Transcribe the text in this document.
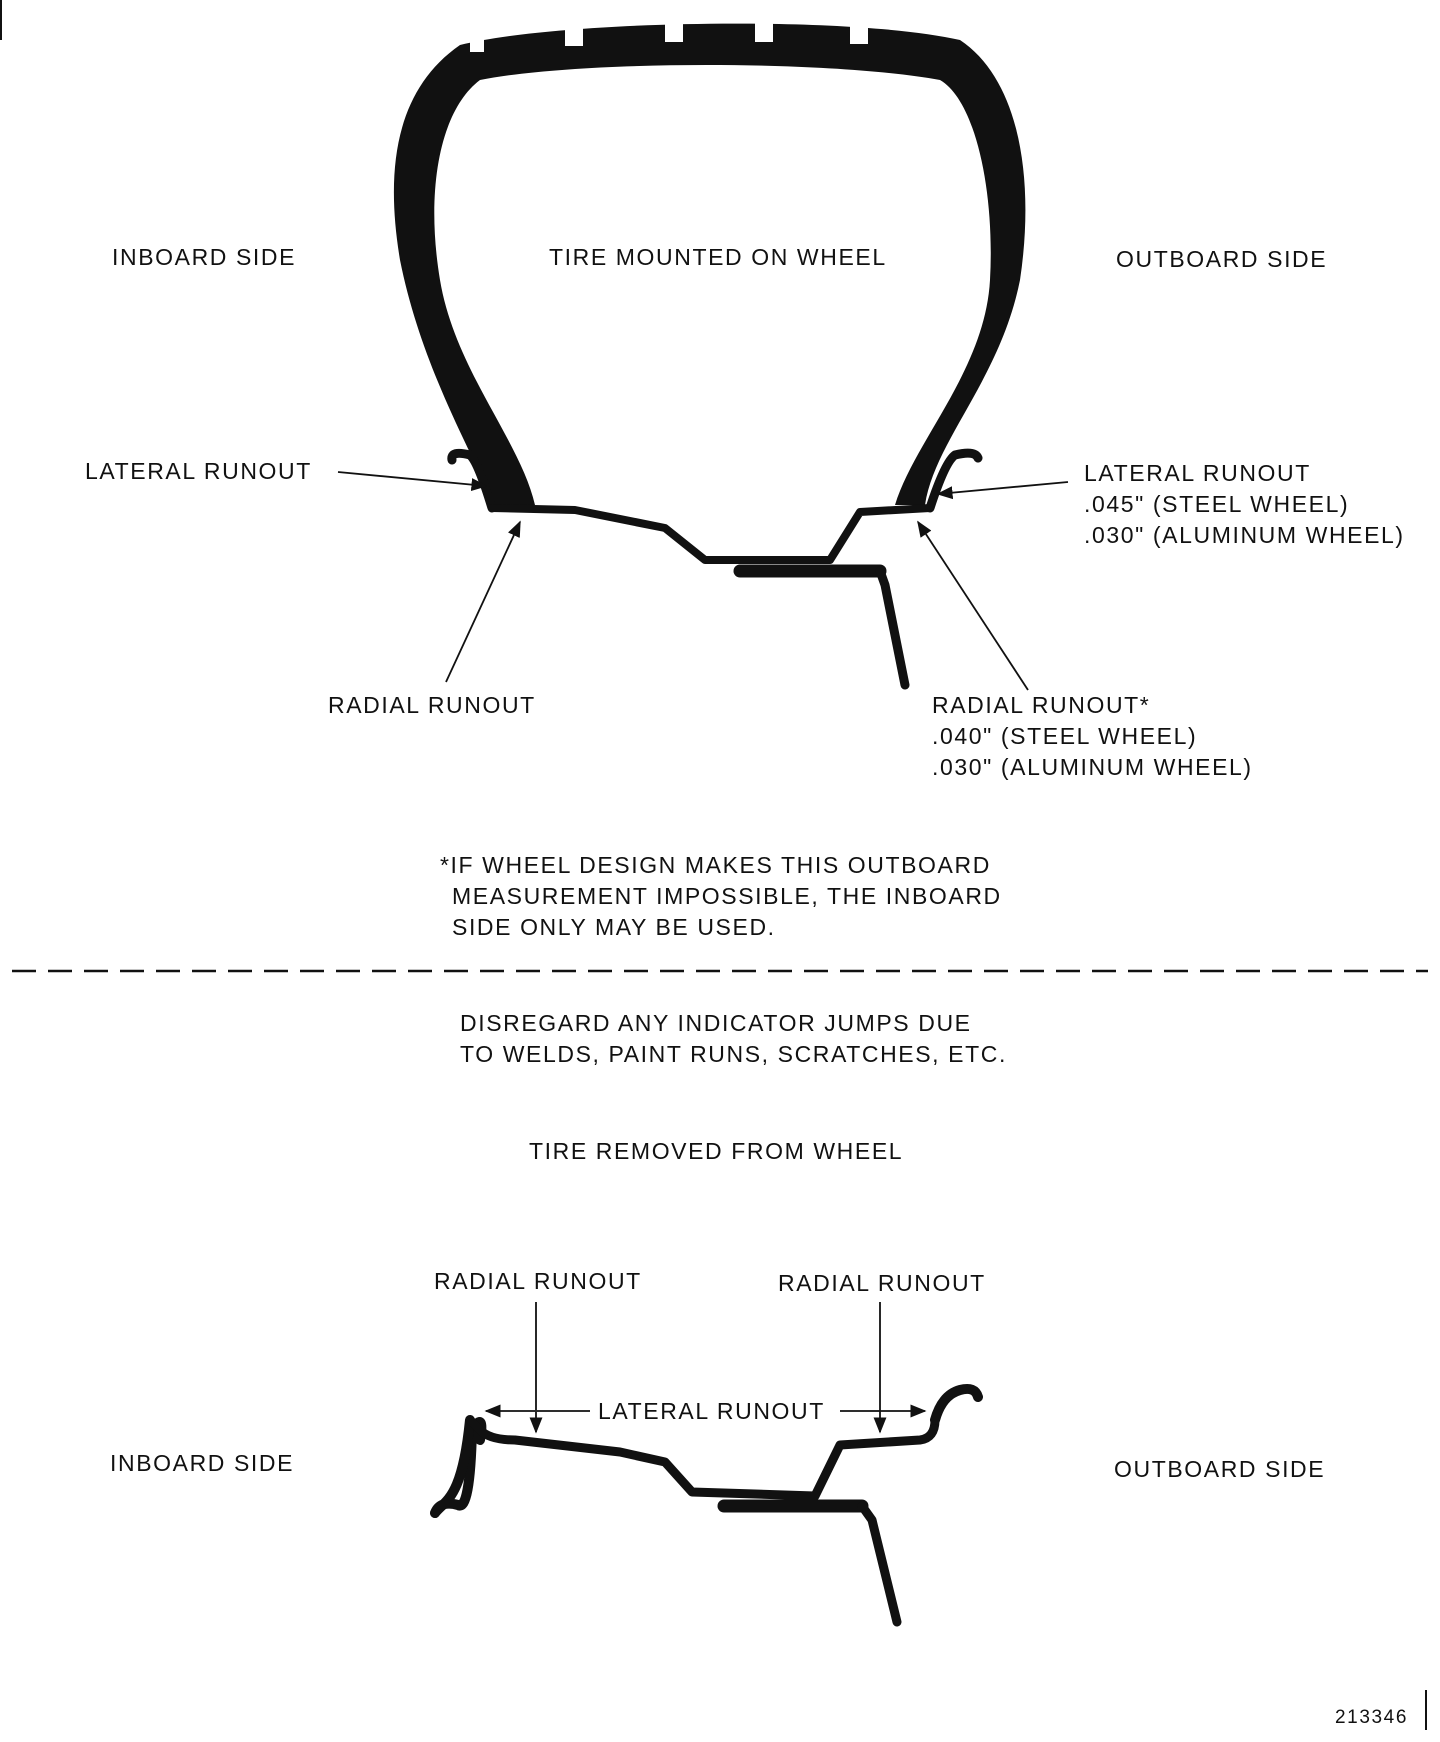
INBOARD SIDE	TIRE MOUNTED ON WHEEL	OUTBOARD SIDE
LATERAL RUNOUT	LATERAL RUNOUT
.045" (STEEL WHEEL)
.030" (ALUMINUM WHEEL)
RADIAL RUNOUT	RADIAL RUNOUT*
.040" (STEEL WHEEL)
.030" (ALUMINUM WHEEL)
*IF WHEEL DESIGN MAKES THIS OUTBOARD
MEASUREMENT IMPOSSIBLE, THE INBOARD
SIDE ONLY MAY BE USED.
DISREGARD ANY INDICATOR JUMPS DUE
TO WELDS, PAINT RUNS, SCRATCHES, ETC.
TIRE REMOVED FROM WHEEL
RADIAL RUNOUT	RADIAL RUNOUT
LATERAL RUNOUT
INBOARD SIDE	OUTBOARD SIDE
213346
